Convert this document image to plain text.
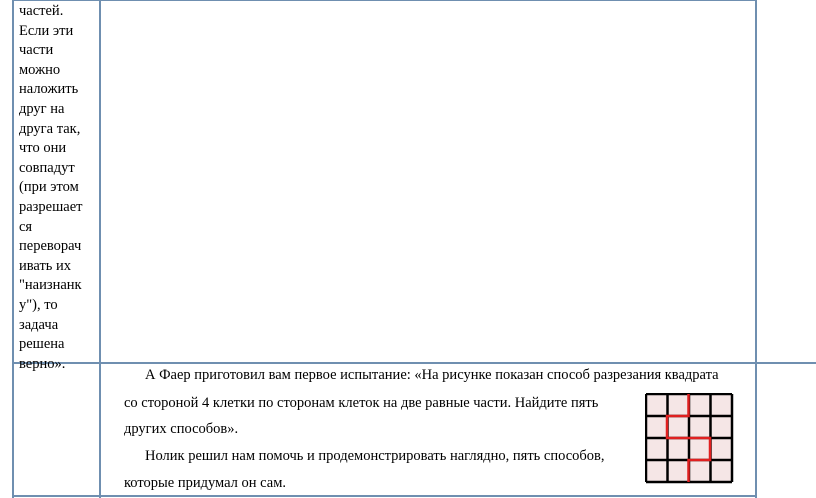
частей.
Если эти
части
можно
наложить
друг на
друга так,
что они
совпадут
(при этом
разрешает
ся
переворач
ивать их
"наизнанк
у"), то
задача
решена
верно».
А Фаер приготовил вам первое испытание: «На рисунке показан способ разрезания квадрата
со стороной 4 клетки по сторонам клеток на две равные части. Найдите пять
других способов».
Нолик решил нам помочь и продемонстрировать наглядно, пять способов,
которые придумал он сам.
